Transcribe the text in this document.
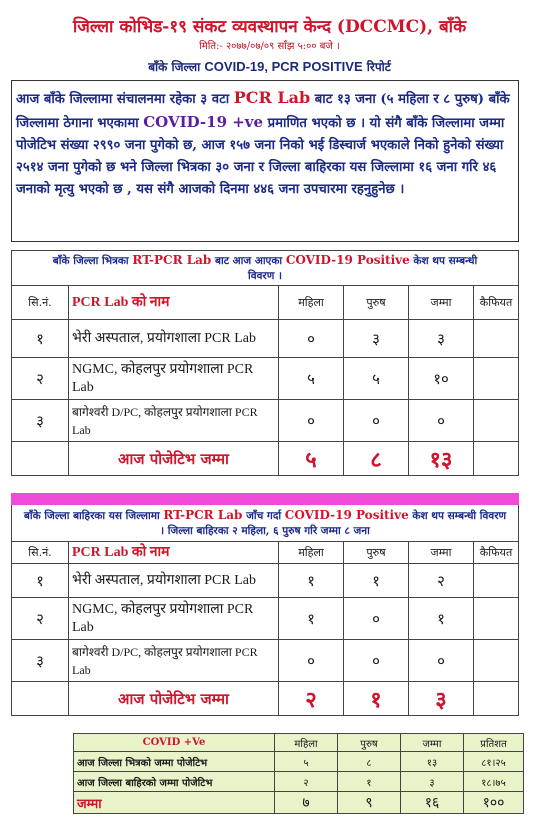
जिल्ला कोभिड-१९ संकट व्यवस्थापन केन्द (DCCMC), बाँके
मिति:- २०७७/०७/०९ साँझ ५:०० बजे ।
बाँके जिल्ला COVID-19, PCR POSITIVE रिपोर्ट
आज बाँके जिल्लामा संचालनमा रहेका ३ वटा PCR Lab बाट १३ जना (५ महिला र ८ पुरुष) बाँके जिल्लामा ठेगाना भएकामा COVID-19 +ve प्रमाणित भएको छ । यो संगै बाँके जिल्लामा जम्मा पोजेटिभ संख्या २९९० जना पुगेको छ, आज १५७ जना निको भई डिस्चार्ज भएकाले निको हुनेको संख्या २५१४ जना पुगेको छ भने जिल्ला भित्रका ३० जना र जिल्ला बाहिरका यस जिल्लामा १६ जना गरि ४६ जनाको मृत्यु भएको छ , यस संगै आजको दिनमा ४४६ जना उपचारमा रहनुहुनेछ ।
बाँके जिल्ला भित्रका RT-PCR Lab बाट आज आएका COVID-19 Positive केश थप सम्बन्धी
विवरण ।					

सि.नं.	PCR Lab को नाम	महिला	पुरुष	जम्मा	कैफियत
१	भेरी अस्पताल, प्रयोगशाला PCR Lab	०	३	३	
२	NGMC, कोहलपुर प्रयोगशाला PCR Lab	५	५	१०	
३	बागेश्वरी D/PC, कोहलपुर प्रयोगशाला PCR Lab	०	०	०	
	आज पोजेटिभ जम्मा	५	८	१३	
बाँके जिल्ला बाहिरका यस जिल्लामा RT-PCR Lab जाँच गर्दा COVID-19 Positive केश थप सम्बन्धी विवरण
। जिल्ला बाहिरका २ महिला, ६ पुरुष गरि जम्मा ८ जना					

सि.नं.	PCR Lab को नाम	महिला	पुरुष	जम्मा	कैफियत
१	भेरी अस्पताल, प्रयोगशाला PCR Lab	१	१	२	
२	NGMC, कोहलपुर प्रयोगशाला PCR Lab	१	०	१	
३	बागेश्वरी D/PC, कोहलपुर प्रयोगशाला PCR Lab	०	०	०	
	आज पोजेटिभ जम्मा	२	१	३	
COVID +Ve	महिला	पुरुष	जम्मा	प्रतिशत
आज जिल्ला भित्रको जम्मा पोजेटिभ	५	८	१३	८१।२५
आज जिल्ला बाहिरको जम्मा पोजेटिभ	२	१	३	१८।७५
जम्मा	७	९	१६	१००
